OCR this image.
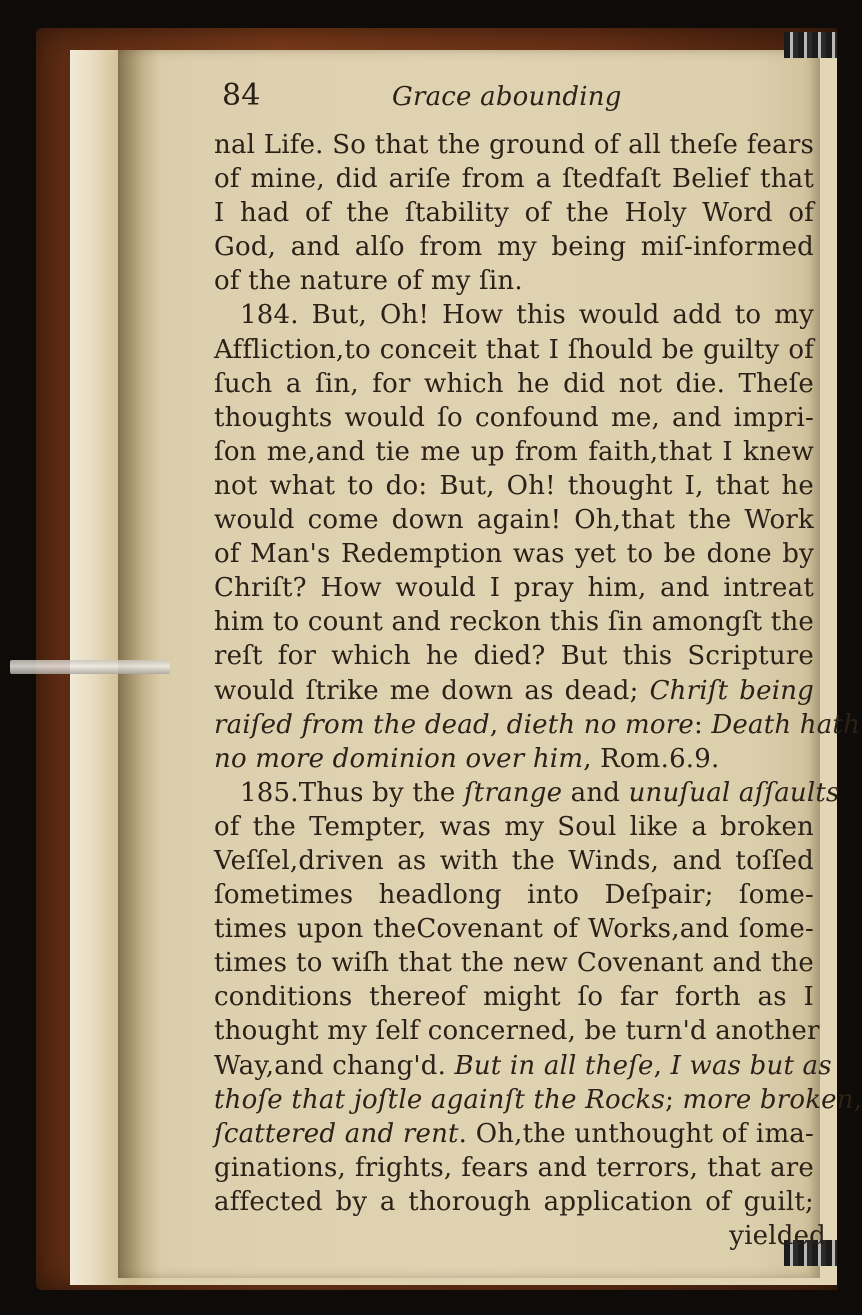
84	Grace abounding
nal Life. So that the ground of all theſe fears
of mine, did ariſe from a ſtedfaſt Belief that
I had of the ſtability of the Holy Word of
God, and alſo from my being miſ-informed
of the nature of my ſin.
184. But, Oh! How this would add to my
Affliction,to conceit that I ſhould be guilty of
ſuch a ſin, for which he did not die. Theſe
thoughts would ſo confound me, and impri-
ſon me,and tie me up from faith,that I knew
not what to do: But, Oh! thought I, that he
would come down again! Oh,that the Work
of Man's Redemption was yet to be done by
Chriſt? How would I pray him, and intreat
him to count and reckon this ſin amongſt the
reſt for which he died? But this Scripture
would ſtrike me down as dead; Chriſt being
raiſed from the dead, dieth no more: Death hath
no more dominion over him, Rom.6.9.
185.Thus by the ſtrange and unuſual aſſaults
of the Tempter, was my Soul like a broken
Veſſel,driven as with the Winds, and toſſed
ſometimes headlong into Deſpair; ſome-
times upon theCovenant of Works,and ſome-
times to wiſh that the new Covenant and the
conditions thereof might ſo far forth as I
thought my ſelf concerned, be turn'd another
Way,and chang'd. But in all theſe, I was but as
thoſe that joſtle againſt the Rocks; more broken,
ſcattered and rent. Oh,the unthought of ima-
ginations, frights, fears and terrors, that are
affected by a thorough application of guilt;
yielded
